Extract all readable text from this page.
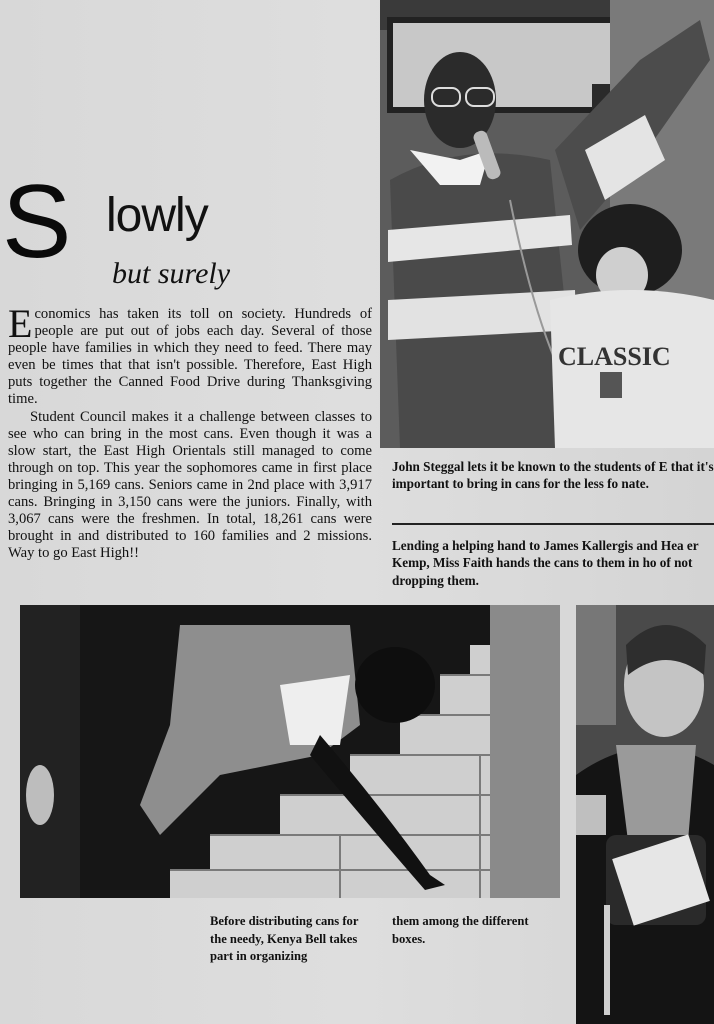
CLASSIC
S lowly
but surely

Economics has taken its toll on society. Hundreds of people are put out of jobs each day. Several of those people have families in which they need to feed. There may even be times that that isn't possible. Therefore, East High puts together the Canned Food Drive during Thanksgiving time.

Student Council makes it a challenge between classes to see who can bring in the most cans. Even though it was a slow start, the East High Orientals still managed to come through on top. This year the sophomores came in first place bringing in 5,169 cans. Seniors came in 2nd place with 3,917 cans. Bringing in 3,150 cans were the juniors. Finally, with 3,067 cans were the freshmen. In total, 18,261 cans were brought in and distributed to 160 families and 2 missions. Way to go East High!!

John Steggal lets it be known to the students of E that it's important to bring in cans for the less fo nate.
Lending a helping hand to James Kallergis and Hea er Kemp, Miss Faith hands the cans to them in ho of not dropping them.
Before distributing cans for the needy, Kenya Bell takes part in organizing
them among the different boxes.
